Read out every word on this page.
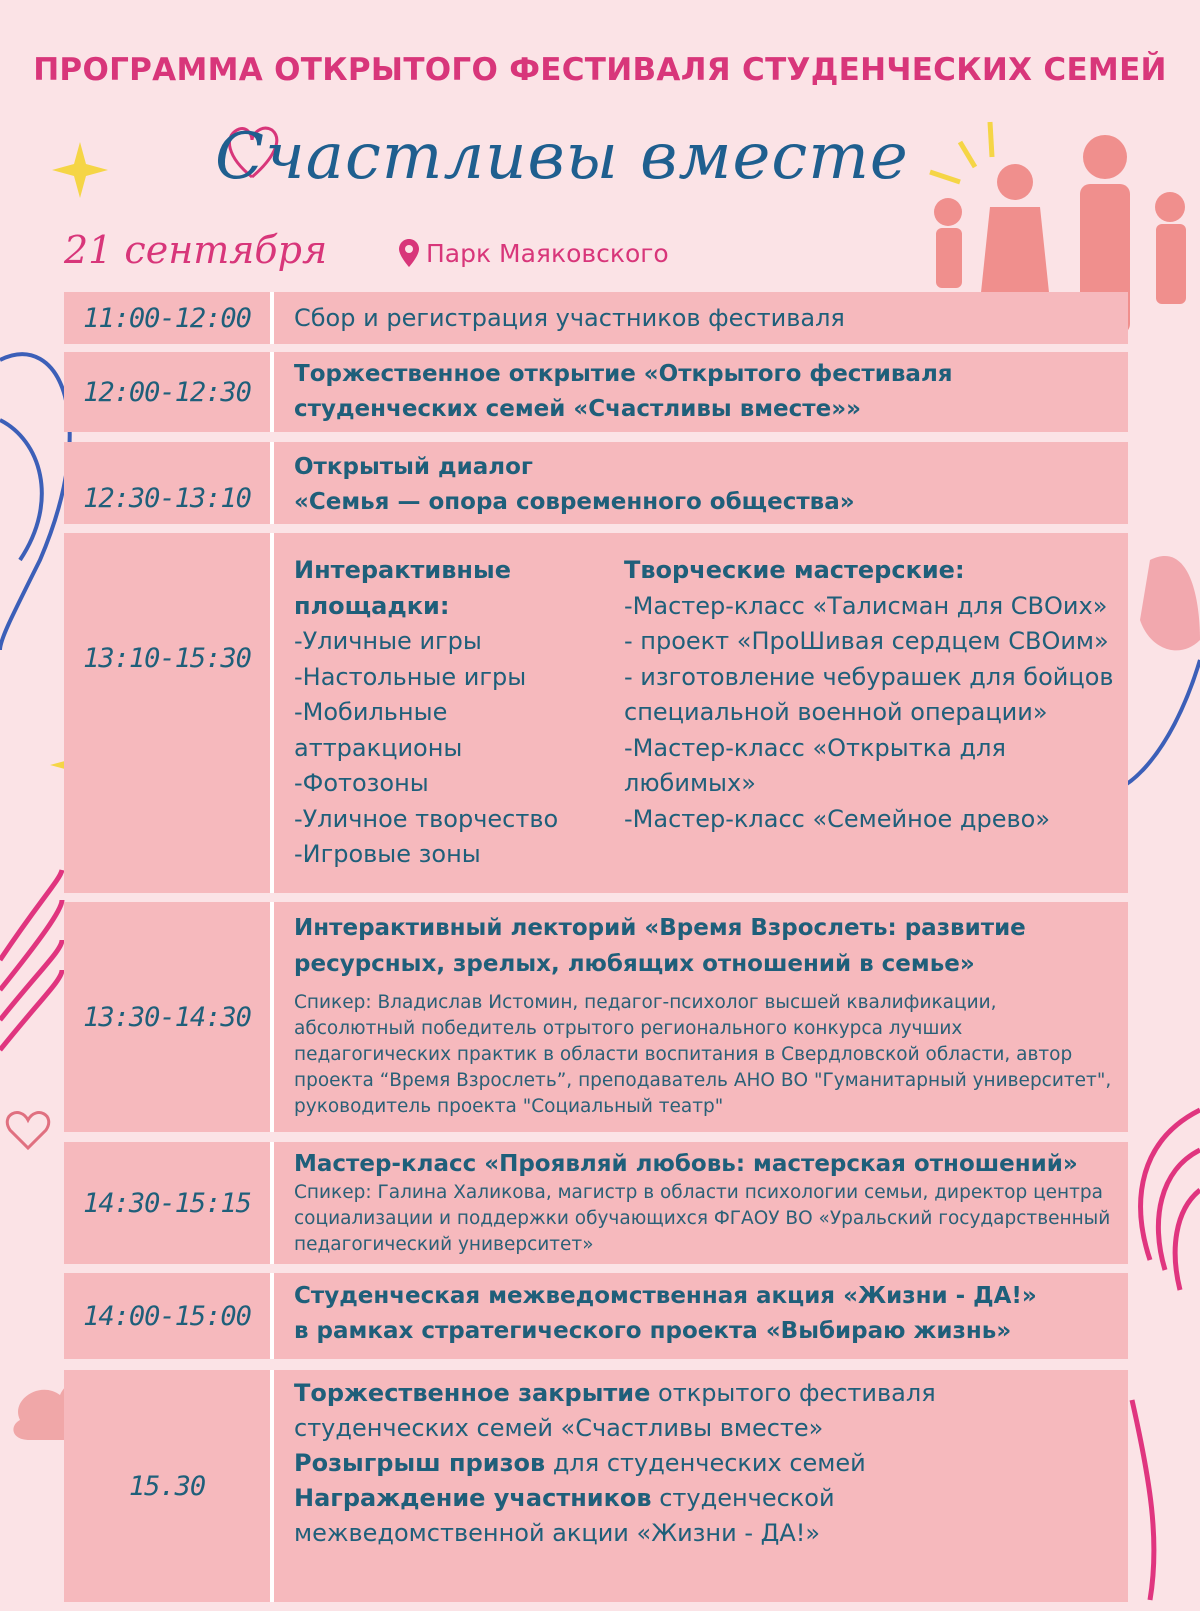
ПРОГРАММА ОТКРЫТОГО ФЕСТИВАЛЯ СТУДЕНЧЕСКИХ СЕМЕЙ
Счастливы вместе
21 сентября	Парк Маяковского
11:00-12:00	Сбор и регистрация участников фестиваля
12:00-12:30
Торжественное открытие «Открытого фестиваля
студенческих семей «Счастливы вместе»»
12:30-13:10
Открытый диалог
«Семья — опора современного общества»
13:10-15:30
Интерактивные площадки:
-Уличные игры
-Настольные игры
-Мобильные аттракционы
-Фотозоны
-Уличное творчество
-Игровые зоны
Творческие мастерские:
-Мастер-класс «Талисман для СВОих» - проект «ПроШивая сердцем СВОим» - изготовление чебурашек для бойцов специальной военной операции»
-Мастер-класс «Открытка для любимых»
-Мастер-класс «Семейное древо»
13:30-14:30
Интерактивный лекторий «Время Взрослеть: развитие ресурсных, зрелых, любящих отношений в семье»
Спикер: Владислав Истомин, педагог-психолог высшей квалификации, абсолютный победитель отрытого регионального конкурса лучших педагогических практик в области воспитания в Свердловской области, автор проекта “Время Взрослеть”, преподаватель АНО ВО "Гуманитарный университет", руководитель проекта "Социальный театр"
14:30-15:15
Мастер-класс «Проявляй любовь: мастерская отношений»
Спикер: Галина Халикова, магистр в области психологии семьи, директор центра социализации и поддержки обучающихся ФГАОУ ВО «Уральский государственный педагогический университет»
14:00-15:00
Студенческая межведомственная акция «Жизни - ДА!»
в рамках стратегического проекта «Выбираю жизнь»
15.30
Торжественное закрытие открытого фестиваля
студенческих семей «Счастливы вместе»
Розыгрыш призов для студенческих семей
Награждение участников студенческой
межведомственной акции «Жизни - ДА!»
